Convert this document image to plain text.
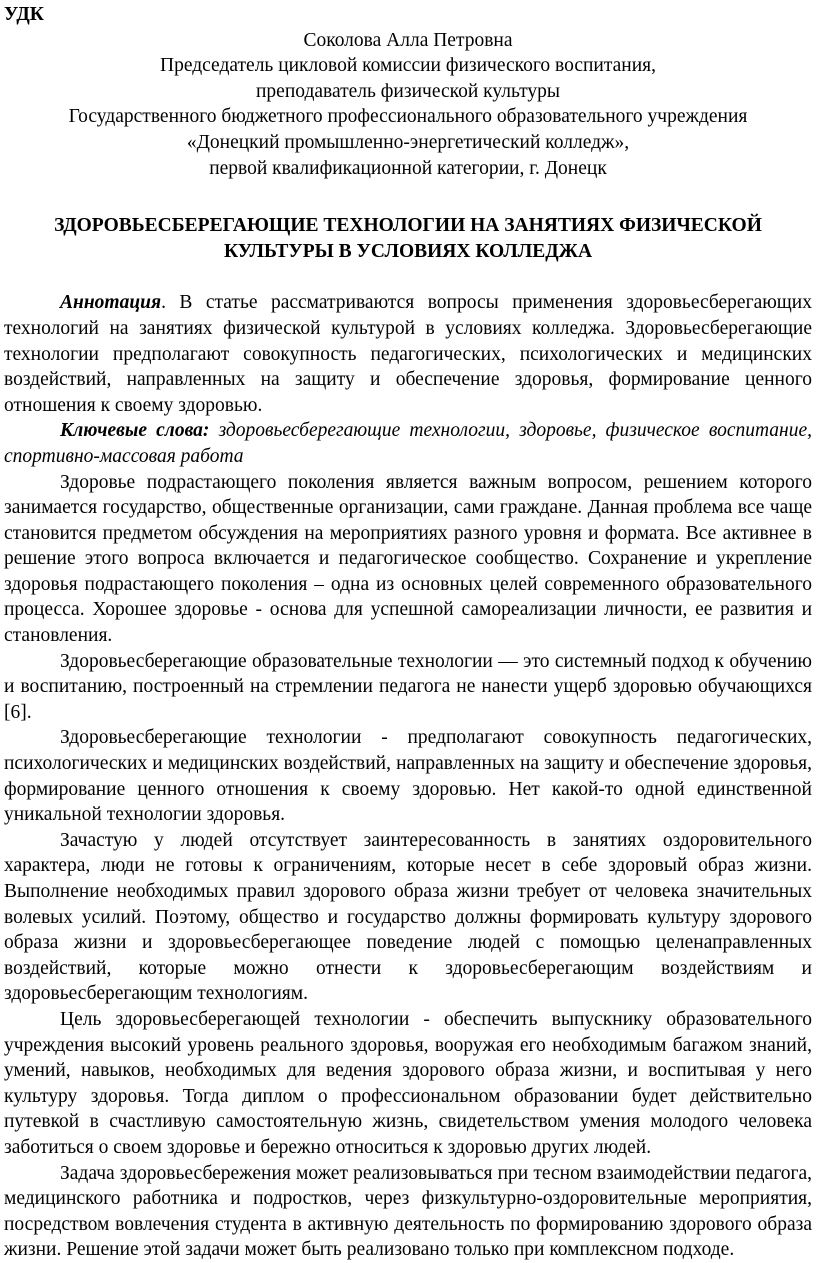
УДК
Соколова Алла Петровна
Председатель цикловой комиссии физического воспитания,
преподаватель физической культуры
Государственного бюджетного профессионального образовательного учреждения
«Донецкий промышленно-энергетический колледж»,
первой квалификационной категории, г. Донецк
ЗДОРОВЬЕСБЕРЕГАЮЩИЕ ТЕХНОЛОГИИ НА ЗАНЯТИЯХ ФИЗИЧЕСКОЙ
КУЛЬТУРЫ В УСЛОВИЯХ КОЛЛЕДЖА

Аннотация. В статье рассматриваются вопросы применения здоровьесберегающих технологий на занятиях физической культурой в условиях колледжа. Здоровьесберегающие технологии предполагают совокупность педагогических, психологических и медицинских воздействий, направленных на защиту и обеспечение здоровья, формирование ценного отношения к своему здоровью.

Ключевые слова: здоровьесберегающие технологии, здоровье, физическое воспитание, спортивно-массовая работа

Здоровье подрастающего поколения является важным вопросом, решением которого занимается государство, общественные организации, сами граждане. Данная проблема все чаще становится предметом обсуждения на мероприятиях разного уровня и формата. Все активнее в решение этого вопроса включается и педагогическое сообщество. Сохранение и укрепление здоровья подрастающего поколения – одна из основных целей современного образовательного процесса. Хорошее здоровье - основа для успешной самореализации личности, ее развития и становления.

Здоровьесберегающие образовательные технологии — это системный подход к обучению и воспитанию, построенный на стремлении педагога не нанести ущерб здоровью обучающихся [6].

Здоровьесберегающие технологии - предполагают совокупность педагогических, психологических и медицинских воздействий, направленных на защиту и обеспечение здоровья, формирование ценного отношения к своему здоровью. Нет какой-то одной единственной уникальной технологии здоровья.

Зачастую у людей отсутствует заинтересованность в занятиях оздоровительного характера, люди не готовы к ограничениям, которые несет в себе здоровый образ жизни. Выполнение необходимых правил здорового образа жизни требует от человека значительных волевых усилий. Поэтому, общество и государство должны формировать культуру здорового образа жизни и здоровьесберегающее поведение людей с помощью целенаправленных воздействий, которые можно отнести к здоровьесберегающим воздействиям и здоровьесберегающим технологиям.

Цель здоровьесберегающей технологии - обеспечить выпускнику образовательного учреждения высокий уровень реального здоровья, вооружая его необходимым багажом знаний, умений, навыков, необходимых для ведения здорового образа жизни, и воспитывая у него культуру здоровья. Тогда диплом о профессиональном образовании будет действительно путевкой в счастливую самостоятельную жизнь, свидетельством умения молодого человека заботиться о своем здоровье и бережно относиться к здоровью других людей.

Задача здоровьесбережения может реализовываться при тесном взаимодействии педагога, медицинского работника и подростков, через физкультурно-оздоровительные мероприятия, посредством вовлечения студента в активную деятельность по формированию здорового образа жизни. Решение этой задачи может быть реализовано только при комплексном подходе.
